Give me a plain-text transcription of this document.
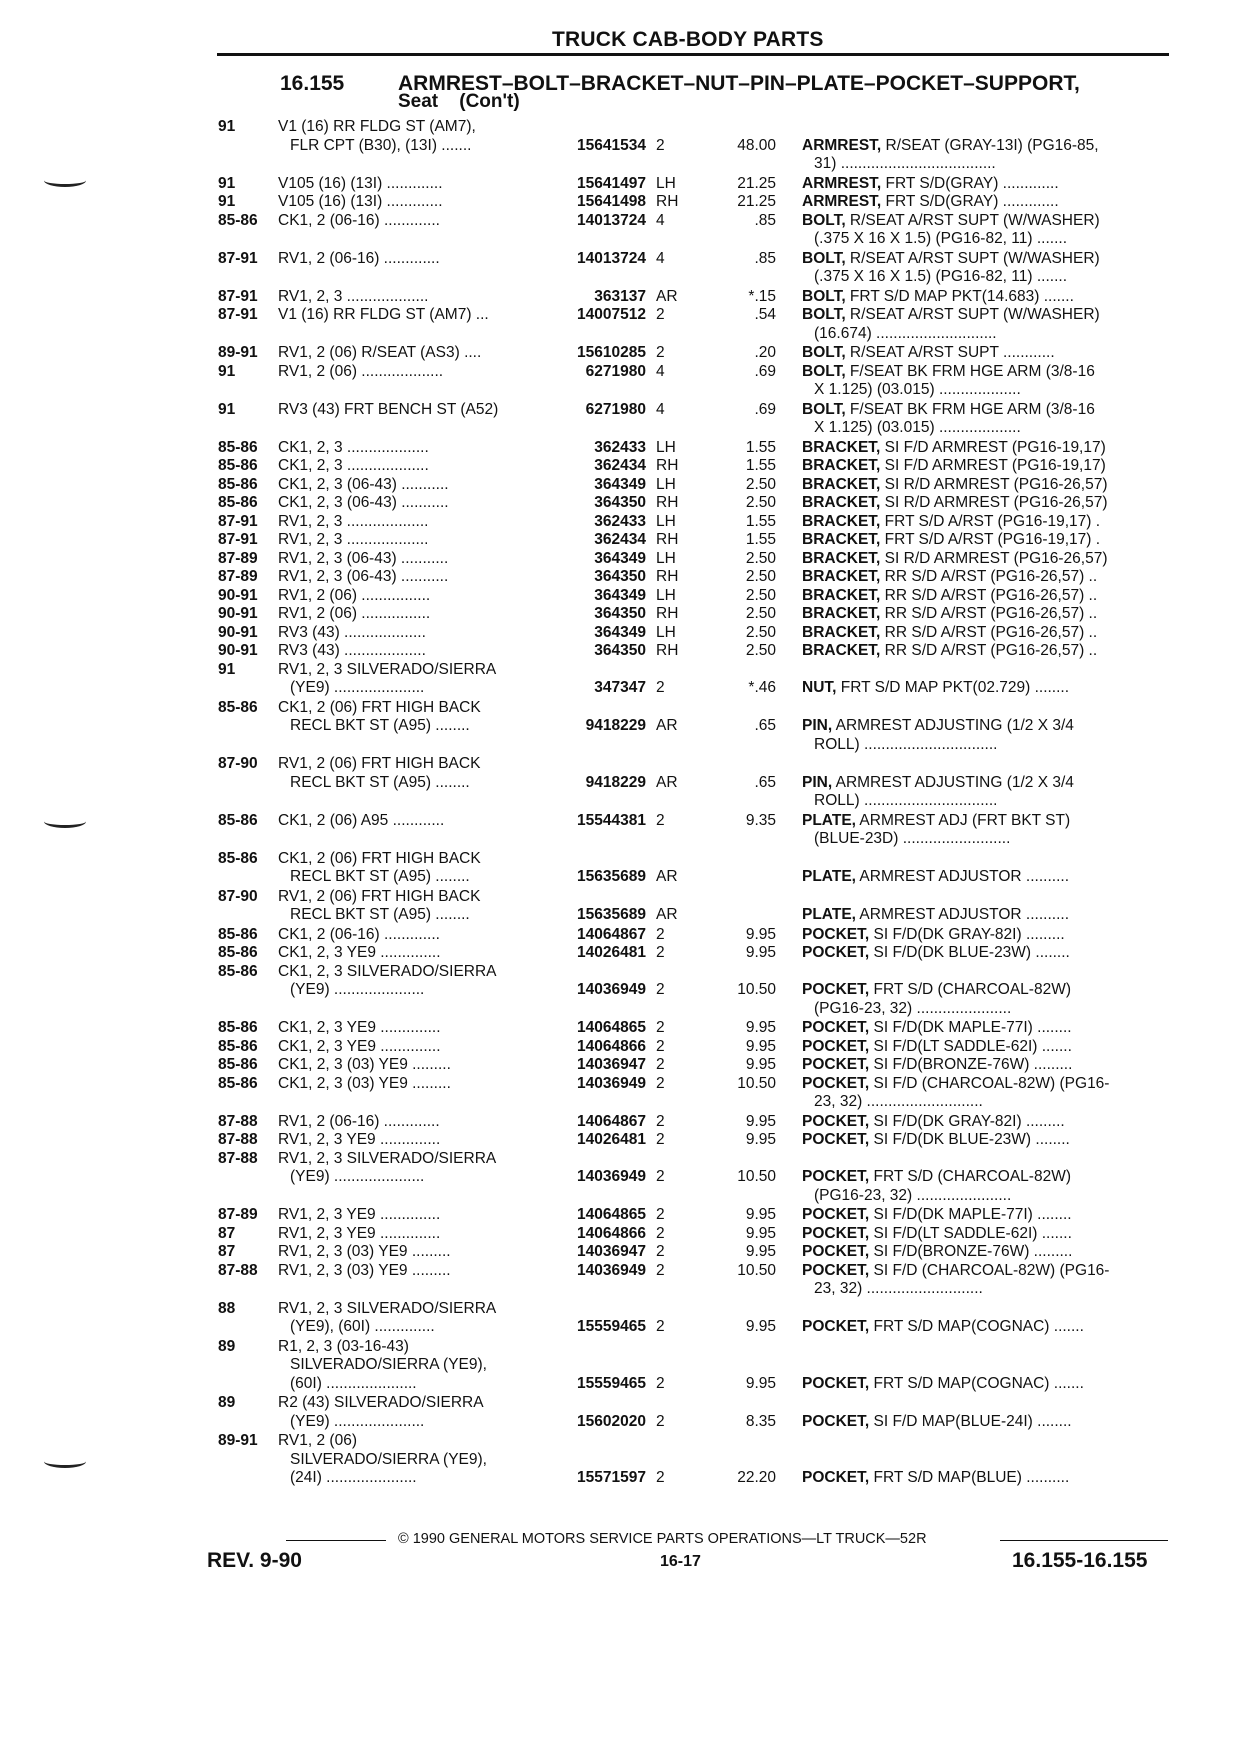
TRUCK CAB-BODY PARTS
16.155	ARMREST–BOLT–BRACKET–NUT–PIN–PLATE–POCKET–SUPPORT,
Seat    (Con't)
91	V1 (16) RR FLDG ST (AM7),
FLR CPT (B30), (13I) .......	15641534 2	48.00 ARMREST, R/SEAT (GRAY-13I) (PG16-85,
31) ....................................
91	V105 (16) (13I) .............	15641497 LH	21.25 ARMREST, FRT S/D(GRAY) .............
91	V105 (16) (13I) .............	15641498 RH	21.25 ARMREST, FRT S/D(GRAY) .............
85-86 CK1, 2 (06-16) .............	14013724 4	.85 BOLT, R/SEAT A/RST SUPT (W/WASHER)
(.375 X 16 X 1.5) (PG16-82, 11) .......
87-91 RV1, 2 (06-16) .............	14013724 4	.85 BOLT, R/SEAT A/RST SUPT (W/WASHER)
(.375 X 16 X 1.5) (PG16-82, 11) .......
87-91 RV1, 2, 3 ...................	363137 AR	*.15 BOLT, FRT S/D MAP PKT(14.683) .......
87-91 V1 (16) RR FLDG ST (AM7) ...	14007512 2	.54 BOLT, R/SEAT A/RST SUPT (W/WASHER)
(16.674) ............................
89-91 RV1, 2 (06) R/SEAT (AS3) ....	15610285 2	.20 BOLT, R/SEAT A/RST SUPT ............
91	RV1, 2 (06) ...................	6271980 4	.69 BOLT, F/SEAT BK FRM HGE ARM (3/8-16
X 1.125) (03.015) ...................
91	RV3 (43) FRT BENCH ST (A52)	6271980 4	.69 BOLT, F/SEAT BK FRM HGE ARM (3/8-16
X 1.125) (03.015) ...................
85-86 CK1, 2, 3 ...................	362433 LH	1.55 BRACKET, SI F/D ARMREST (PG16-19,17)
85-86 CK1, 2, 3 ...................	362434 RH	1.55 BRACKET, SI F/D ARMREST (PG16-19,17)
85-86 CK1, 2, 3 (06-43) ...........	364349 LH	2.50 BRACKET, SI R/D ARMREST (PG16-26,57)
85-86 CK1, 2, 3 (06-43) ...........	364350 RH	2.50 BRACKET, SI R/D ARMREST (PG16-26,57)
87-91 RV1, 2, 3 ...................	362433 LH	1.55 BRACKET, FRT S/D A/RST (PG16-19,17) .
87-91 RV1, 2, 3 ...................	362434 RH	1.55 BRACKET, FRT S/D A/RST (PG16-19,17) .
87-89 RV1, 2, 3 (06-43) ...........	364349 LH	2.50 BRACKET, SI R/D ARMREST (PG16-26,57)
87-89 RV1, 2, 3 (06-43) ...........	364350 RH	2.50 BRACKET, RR S/D A/RST (PG16-26,57) ..
90-91 RV1, 2 (06) ................	364349 LH	2.50 BRACKET, RR S/D A/RST (PG16-26,57) ..
90-91 RV1, 2 (06) ................	364350 RH	2.50 BRACKET, RR S/D A/RST (PG16-26,57) ..
90-91 RV3 (43) ...................	364349 LH	2.50 BRACKET, RR S/D A/RST (PG16-26,57) ..
90-91 RV3 (43) ...................	364350 RH	2.50 BRACKET, RR S/D A/RST (PG16-26,57) ..
91	RV1, 2, 3 SILVERADO/SIERRA
(YE9) .....................	347347 2	*.46 NUT, FRT S/D MAP PKT(02.729) ........
85-86 CK1, 2 (06) FRT HIGH BACK
RECL BKT ST (A95) ........	9418229 AR	.65 PIN, ARMREST ADJUSTING (1/2 X 3/4
ROLL) ...............................
87-90 RV1, 2 (06) FRT HIGH BACK
RECL BKT ST (A95) ........	9418229 AR	.65 PIN, ARMREST ADJUSTING (1/2 X 3/4
ROLL) ...............................
85-86 CK1, 2 (06) A95 ............	15544381 2	9.35 PLATE, ARMREST ADJ (FRT BKT ST)
(BLUE-23D) .........................
85-86 CK1, 2 (06) FRT HIGH BACK
RECL BKT ST (A95) ........	15635689 AR	PLATE, ARMREST ADJUSTOR ..........
87-90 RV1, 2 (06) FRT HIGH BACK
RECL BKT ST (A95) ........	15635689 AR	PLATE, ARMREST ADJUSTOR ..........
85-86 CK1, 2 (06-16) .............	14064867 2	9.95 POCKET, SI F/D(DK GRAY-82I) .........
85-86 CK1, 2, 3 YE9 ..............	14026481 2	9.95 POCKET, SI F/D(DK BLUE-23W) ........
85-86 CK1, 2, 3 SILVERADO/SIERRA
(YE9) .....................	14036949 2	10.50 POCKET, FRT S/D (CHARCOAL-82W)
(PG16-23, 32) ......................
85-86 CK1, 2, 3 YE9 ..............	14064865 2	9.95 POCKET, SI F/D(DK MAPLE-77I) ........
85-86 CK1, 2, 3 YE9 ..............	14064866 2	9.95 POCKET, SI F/D(LT SADDLE-62I) .......
85-86 CK1, 2, 3 (03) YE9 .........	14036947 2	9.95 POCKET, SI F/D(BRONZE-76W) .........
85-86 CK1, 2, 3 (03) YE9 .........	14036949 2	10.50 POCKET, SI F/D (CHARCOAL-82W) (PG16-
23, 32) ...........................
87-88 RV1, 2 (06-16) .............	14064867 2	9.95 POCKET, SI F/D(DK GRAY-82I) .........
87-88 RV1, 2, 3 YE9 ..............	14026481 2	9.95 POCKET, SI F/D(DK BLUE-23W) ........
87-88 RV1, 2, 3 SILVERADO/SIERRA
(YE9) .....................	14036949 2	10.50 POCKET, FRT S/D (CHARCOAL-82W)
(PG16-23, 32) ......................
87-89 RV1, 2, 3 YE9 ..............	14064865 2	9.95 POCKET, SI F/D(DK MAPLE-77I) ........
87	RV1, 2, 3 YE9 ..............	14064866 2	9.95 POCKET, SI F/D(LT SADDLE-62I) .......
87	RV1, 2, 3 (03) YE9 .........	14036947 2	9.95 POCKET, SI F/D(BRONZE-76W) .........
87-88 RV1, 2, 3 (03) YE9 .........	14036949 2	10.50 POCKET, SI F/D (CHARCOAL-82W) (PG16-
23, 32) ...........................
88	RV1, 2, 3 SILVERADO/SIERRA
(YE9), (60I) ..............	15559465 2	9.95 POCKET, FRT S/D MAP(COGNAC) .......
89	R1, 2, 3 (03-16-43)
SILVERADO/SIERRA (YE9),
(60I) .....................	15559465 2	9.95 POCKET, FRT S/D MAP(COGNAC) .......
89	R2 (43) SILVERADO/SIERRA
(YE9) .....................	15602020 2	8.35 POCKET, SI F/D MAP(BLUE-24I) ........
89-91 RV1, 2 (06)
SILVERADO/SIERRA (YE9),
(24I) .....................	15571597 2	22.20 POCKET, FRT S/D MAP(BLUE) ..........
© 1990 GENERAL MOTORS SERVICE PARTS OPERATIONS—LT TRUCK—52R
REV. 9-90	16-17	16.155-16.155
